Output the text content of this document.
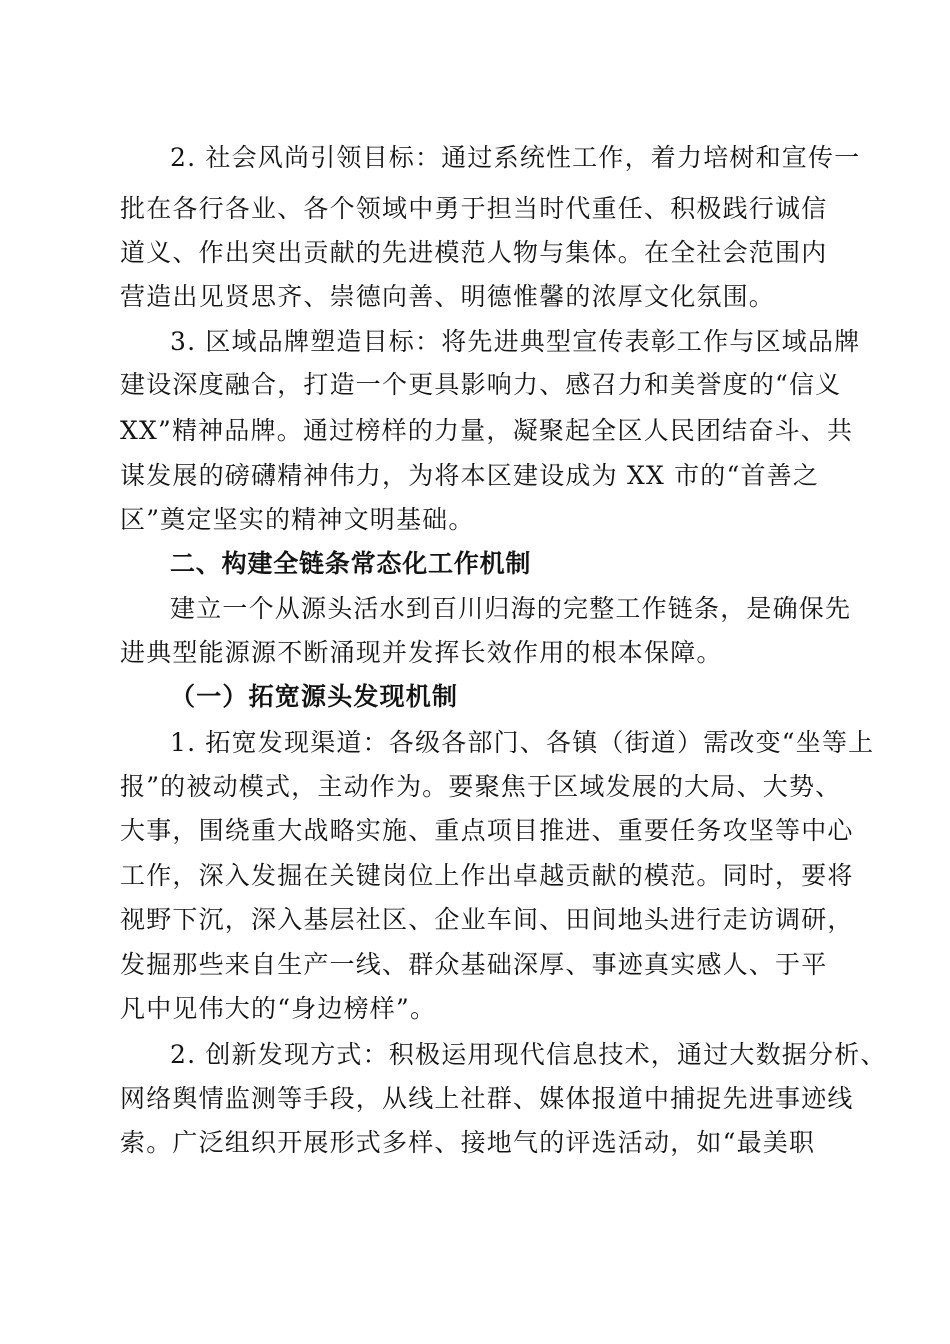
2. 社会风尚引领目标：通过系统性工作，着力培树和宣传一
批在各行各业、各个领域中勇于担当时代重任、积极践行诚信
道义、作出突出贡献的先进模范人物与集体。在全社会范围内
营造出见贤思齐、崇德向善、明德惟馨的浓厚文化氛围。
3. 区域品牌塑造目标：将先进典型宣传表彰工作与区域品牌
建设深度融合，打造一个更具影响力、感召力和美誉度的“信义
XX”精神品牌。通过榜样的力量，凝聚起全区人民团结奋斗、共
谋发展的磅礴精神伟力，为将本区建设成为 XX 市的“首善之
区”奠定坚实的精神文明基础。
二、构建全链条常态化工作机制
建立一个从源头活水到百川归海的完整工作链条，是确保先
进典型能源源不断涌现并发挥长效作用的根本保障。
（一）拓宽源头发现机制
1. 拓宽发现渠道：各级各部门、各镇（街道）需改变“坐等上
报”的被动模式，主动作为。要聚焦于区域发展的大局、大势、
大事，围绕重大战略实施、重点项目推进、重要任务攻坚等中心
工作，深入发掘在关键岗位上作出卓越贡献的模范。同时，要将
视野下沉，深入基层社区、企业车间、田间地头进行走访调研，
发掘那些来自生产一线、群众基础深厚、事迹真实感人、于平
凡中见伟大的“身边榜样”。
2. 创新发现方式：积极运用现代信息技术，通过大数据分析、
网络舆情监测等手段，从线上社群、媒体报道中捕捉先进事迹线
索。广泛组织开展形式多样、接地气的评选活动，如“最美职
